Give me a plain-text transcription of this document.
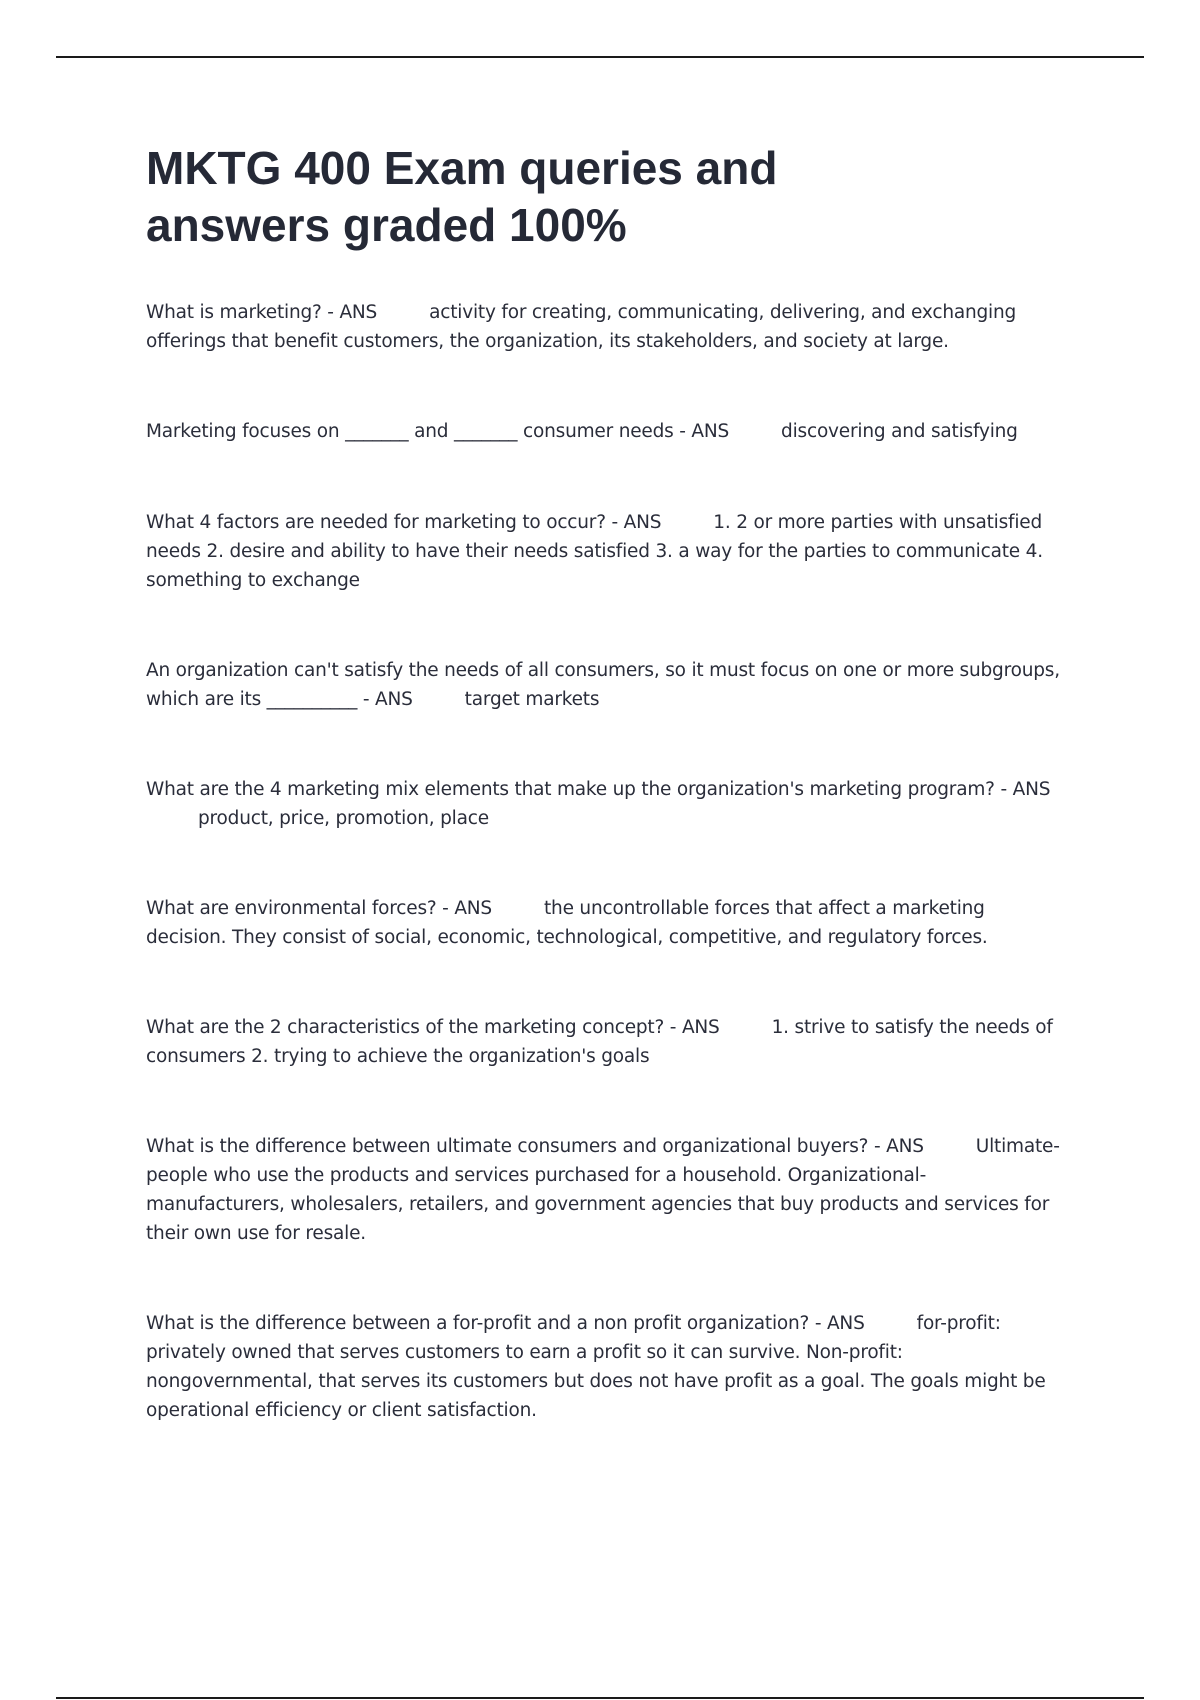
MKTG 400 Exam queries and answers graded 100%

What is marketing? - ANS	activity for creating, communicating, delivering, and exchanging offerings that benefit customers, the organization, its stakeholders, and society at large.

Marketing focuses on _______ and _______ consumer needs - ANS	discovering and satisfying

What 4 factors are needed for marketing to occur? - ANS	1. 2 or more parties with unsatisfied needs 2. desire and ability to have their needs satisfied 3. a way for the parties to communicate 4. something to exchange

An organization can't satisfy the needs of all consumers, so it must focus on one or more subgroups, which are its __________ - ANS	target markets

What are the 4 marketing mix elements that make up the organization's marketing program? - ANSproduct, price, promotion, place

What are environmental forces? - ANS	the uncontrollable forces that affect a marketing decision. They consist of social, economic, technological, competitive, and regulatory forces.

What are the 2 characteristics of the marketing concept? - ANS	1. strive to satisfy the needs of consumers 2. trying to achieve the organization's goals

What is the difference between ultimate consumers and organizational buyers? - ANS	Ultimate- people who use the products and services purchased for a household. Organizational- manufacturers, wholesalers, retailers, and government agencies that buy products and services for their own use for resale.

What is the difference between a for-profit and a non profit organization? - ANS	for-profit: privately owned that serves customers to earn a profit so it can survive. Non-profit: nongovernmental, that serves its customers but does not have profit as a goal. The goals might be operational efficiency or client satisfaction.
